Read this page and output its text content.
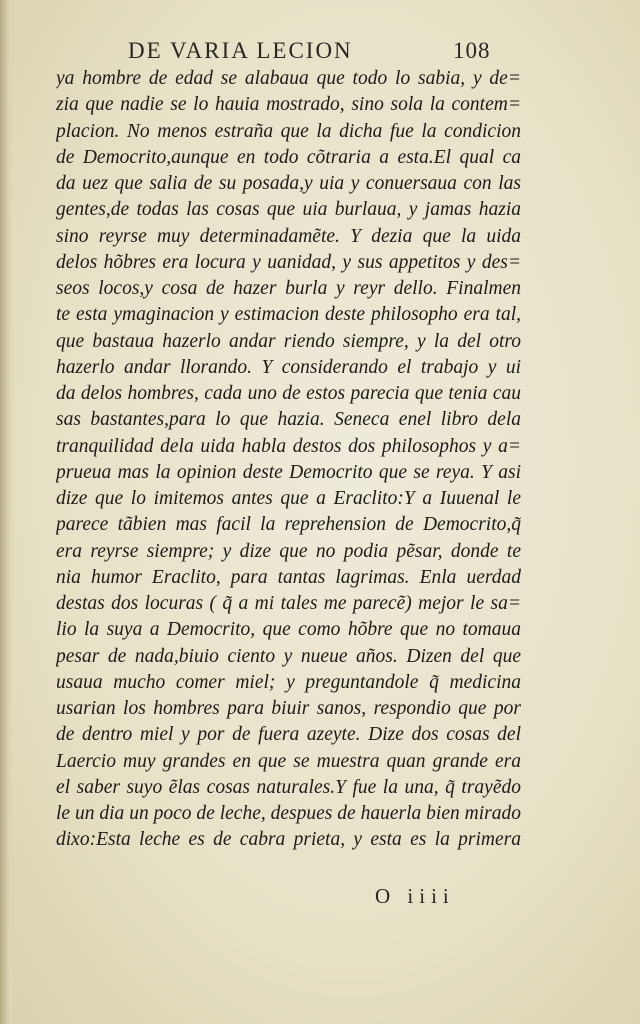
DE VARIA LECION	108
ya hombre de edad se alabaua que todo lo sabia, y de=
zia que nadie se lo hauia mostrado, sino sola la contem=
placion. No menos estraña que la dicha fue la condicion
de Democrito,aunque en todo cõtraria a esta.El qual ca
da uez que salia de su posada,y uia y conuersaua con las
gentes,de todas las cosas que uia burlaua, y jamas hazia
sino reyrse muy determinadamẽte. Y dezia que la uida
delos hõbres era locura y uanidad, y sus appetitos y des=
seos locos,y cosa de hazer burla y reyr dello. Finalmen
te esta ymaginacion y estimacion deste philosopho era tal,
que bastaua hazerlo andar riendo siempre, y la del otro
hazerlo andar llorando. Y considerando el trabajo y ui
da delos hombres, cada uno de estos parecia que tenia cau
sas bastantes,para lo que hazia. Seneca enel libro dela
tranquilidad dela uida habla destos dos philosophos y a=
prueua mas la opinion deste Democrito que se reya. Y asi
dize que lo imitemos antes que a Eraclito:Y a Iuuenal le
parece tãbien mas facil la reprehension de Democrito,q̃
era reyrse siempre; y dize que no podia pẽsar, donde te
nia humor Eraclito, para tantas lagrimas. Enla uerdad
destas dos locuras ( q̃ a mi tales me parecẽ) mejor le sa=
lio la suya a Democrito, que como hõbre que no tomaua
pesar de nada,biuio ciento y nueue años. Dizen del que
usaua mucho comer miel; y preguntandole q̃ medicina
usarian los hombres para biuir sanos, respondio que por
de dentro miel y por de fuera azeyte. Dize dos cosas del
Laercio muy grandes en que se muestra quan grande era
el saber suyo ẽlas cosas naturales.Y fue la una, q̃ trayẽdo
le un dia un poco de leche, despues de hauerla bien mirado
dixo:Esta leche es de cabra prieta, y esta es la primera
O iiii
